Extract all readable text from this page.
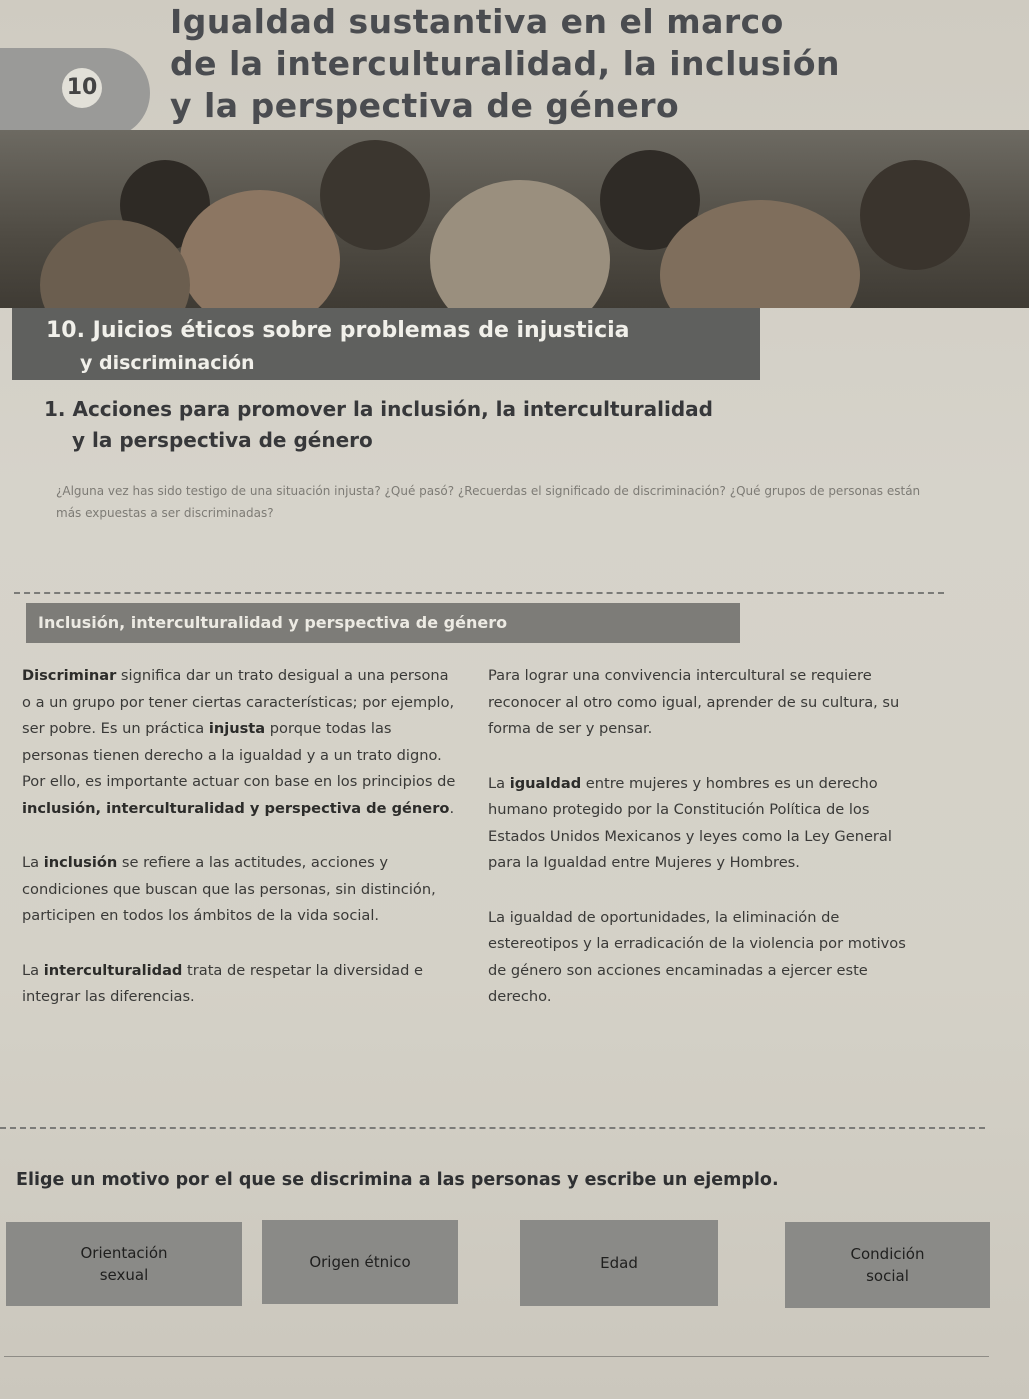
10
Igualdad sustantiva en el marco
de la interculturalidad, la inclusión
y la perspectiva de género
10. Juicios éticos sobre problemas de injusticia
y discriminación
1. Acciones para promover la inclusión, la interculturalidad
y la perspectiva de género
¿Alguna vez has sido testigo de una situación injusta? ¿Qué pasó? ¿Recuerdas el significado de discriminación? ¿Qué grupos de personas están más expuestas a ser discriminadas?
Inclusión, interculturalidad y perspectiva de género

Discriminar significa dar un trato desigual a una persona o a un grupo por tener ciertas características; por ejemplo, ser pobre. Es un práctica injusta porque todas las personas tienen derecho a la igualdad y a un trato digno. Por ello, es importante actuar con base en los principios de inclusión, interculturalidad y perspectiva de género.

La inclusión se refiere a las actitudes, acciones y condiciones que buscan que las personas, sin distinción, participen en todos los ámbitos de la vida social.

La interculturalidad trata de respetar la diversidad e integrar las diferencias.

Para lograr una convivencia intercultural se requiere reconocer al otro como igual, aprender de su cultura, su forma de ser y pensar.

La igualdad entre mujeres y hombres es un derecho humano protegido por la Constitución Política de los Estados Unidos Mexicanos y leyes como la Ley General para la Igualdad entre Mujeres y Hombres.

La igualdad de oportunidades, la eliminación de estereotipos y la erradicación de la violencia por motivos de género son acciones encaminadas a ejercer este derecho.

Elige un motivo por el que se discrimina a las personas y escribe un ejemplo.
Orientación
sexual
Origen étnico	Edad	Condición
social
